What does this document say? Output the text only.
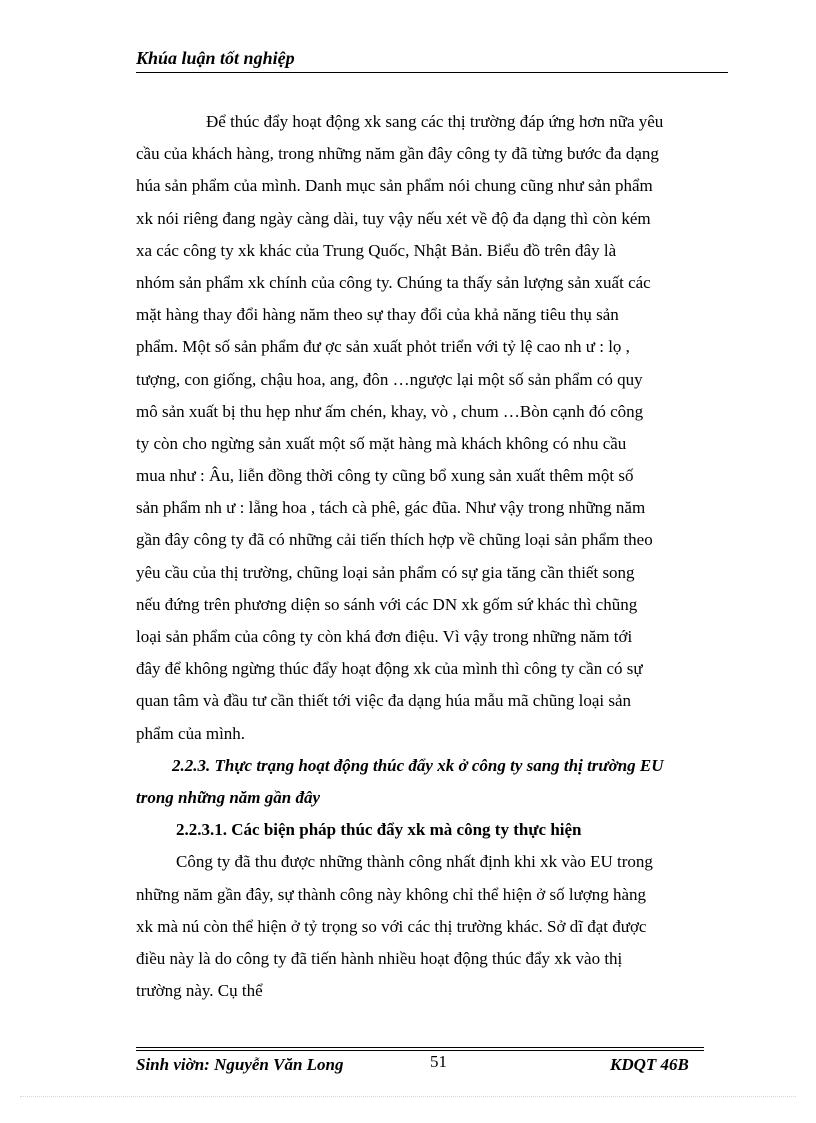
Khúa luận tốt nghiệp
Để thúc đẩy hoạt động xk sang các thị trường đáp ứng hơn nữa yêu
cầu của khách hàng, trong những năm gần đây công ty đã từng bước đa dạng
húa sản phẩm của mình. Danh mục sản phẩm nói chung cũng như sản phẩm
xk nói riêng đang ngày càng dài, tuy vậy nếu xét về độ đa dạng thì còn kém
xa các công ty xk khác của Trung Quốc, Nhật Bản. Biểu đồ trên đây là
nhóm sản phẩm xk chính của công ty. Chúng ta thấy sản lượng sản xuất các
mặt hàng thay đổi hàng năm theo sự thay đổi của khả năng tiêu thụ sản
phẩm. Một số sản phẩm đư ợc sản xuất phỏt triển với tỷ lệ cao nh ư : lọ ,
tượng, con giống, chậu hoa, ang, đôn …ngược lại một số sản phẩm có quy
mô sản xuất bị thu hẹp như ấm chén, khay, vò , chum …Bòn cạnh đó công
ty còn cho ngừng sản xuất một số mặt hàng mà khách không có nhu cầu
mua như : Âu, liễn đồng thời công ty cũng bổ xung sản xuất thêm một số
sản phẩm nh ư : lẵng hoa , tách cà phê, gác đũa. Như vậy trong những năm
gần đây công ty đã có những cải tiến thích hợp về chũng loại sản phẩm theo
yêu cầu của thị trường, chũng loại sản phẩm có sự gia tăng cần thiết song
nếu đứng trên phương diện so sánh với các DN xk gốm sứ khác thì chũng
loại sản phẩm của công ty còn khá đơn điệu. Vì vậy trong những năm tới
đây để không ngừng thúc đẩy hoạt động xk của mình thì công ty cần có sự
quan tâm và đầu tư cần thiết tới việc đa dạng húa mẫu mã chũng loại sản
phẩm của mình.
2.2.3. Thực trạng hoạt động thúc đẩy xk ở công ty sang thị trường EU
trong những năm gần đây
2.2.3.1. Các biện pháp thúc đẩy xk mà công ty thực hiện
Công ty đã thu được những thành công nhất định khi xk vào EU trong
những năm gần đây, sự thành công này không chỉ thể hiện ở số lượng hàng
xk mà nú còn thể hiện ở tỷ trọng so với các thị trường khác. Sở dĩ đạt được
điều này là do công ty đã tiến hành nhiều hoạt động thúc đẩy xk vào thị
trường này. Cụ thể
Sinh viờn: Nguyễn Văn Long	51	KDQT 46B
